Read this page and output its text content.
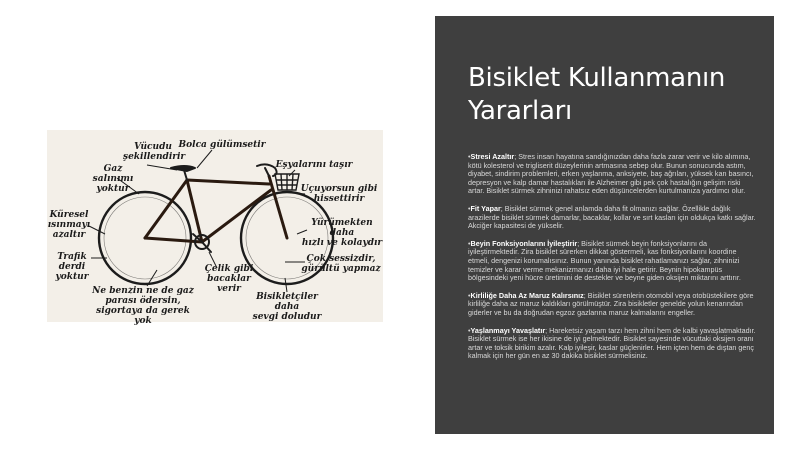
Vücudu
şekillendirir
Bolca gülümsetir
Eşyalarını taşır
Gaz salınımı
yoktur	Uçuyorsun gibi
hissettirir
Küresel
ısınmayı
azaltır
Yürümekten daha
hızlı ve kolaydır
Trafik derdi
yoktur
Çok sessizdir,
gürültü yapmaz
Çelik gibi
bacaklar verir
Ne benzin ne de gaz
parası ödersin,
sigortaya da gerek yok
Bisikletçiler daha
sevgi doludur
Bisiklet Kullanmanın Yararları

•Stresi Azaltır; Stres insan hayatına sandığınızdan daha fazla zarar verir ve kilo alımına, kötü kolesterol ve trigliserit düzeylerinin artmasına sebep olur. Bunun sonucunda astım, diyabet, sindirim problemleri, erken yaşlanma, anksiyete, baş ağrıları, yüksek kan basıncı, depresyon ve kalp damar hastalıkları ile Alzheimer gibi pek çok hastalığın gelişim riski artar. Bisiklet sürmek zihninizi rahatsız eden düşüncelerden kurtulmanıza yardımcı olur.

•Fit Yapar; Bisiklet sürmek genel anlamda daha fit olmanızı sağlar. Özellikle dağlık arazilerde bisiklet sürmek damarlar, bacaklar, kollar ve sırt kasları için oldukça katkı sağlar. Akciğer kapasitesi de yükselir.

•Beyin Fonksiyonlarını İyileştirir; Bisiklet sürmek beyin fonksiyonlarını da iyileştirmektedir. Zira bisiklet sürerken dikkat göstermeli, kas fonksiyonlarını koordine etmeli, dengenizi korumalısınız. Bunun yanında bisiklet rahatlamanızı sağlar, zihninizi temizler ve karar verme mekanizmanızı daha iyi hale getirir. Beynin hipokampüs bölgesindeki yeni hücre üretimini de destekler ve beyne giden oksijen miktarını arttırır.

•Kirliliğe Daha Az Maruz Kalırsınız; Bisiklet sürenlerin otomobil veya otobüstekilere göre kirliliğe daha az maruz kaldıkları görülmüştür. Zira bisikletler genelde yolun kenarından giderler ve bu da doğrudan egzoz gazlarına maruz kalmalarını engeller.

•Yaşlanmayı Yavaşlatır; Hareketsiz yaşam tarzı hem zihni hem de kalbi yavaşlatmaktadır. Bisiklet sürmek ise her ikisine de iyi gelmektedir. Bisiklet sayesinde vücuttaki oksijen oranı artar ve toksik birikim azalır. Kalp iyileşir, kaslar güçlenirler. Hem içten hem de dıştan genç kalmak için her gün en az 30 dakika bisiklet sürmelisiniz.
